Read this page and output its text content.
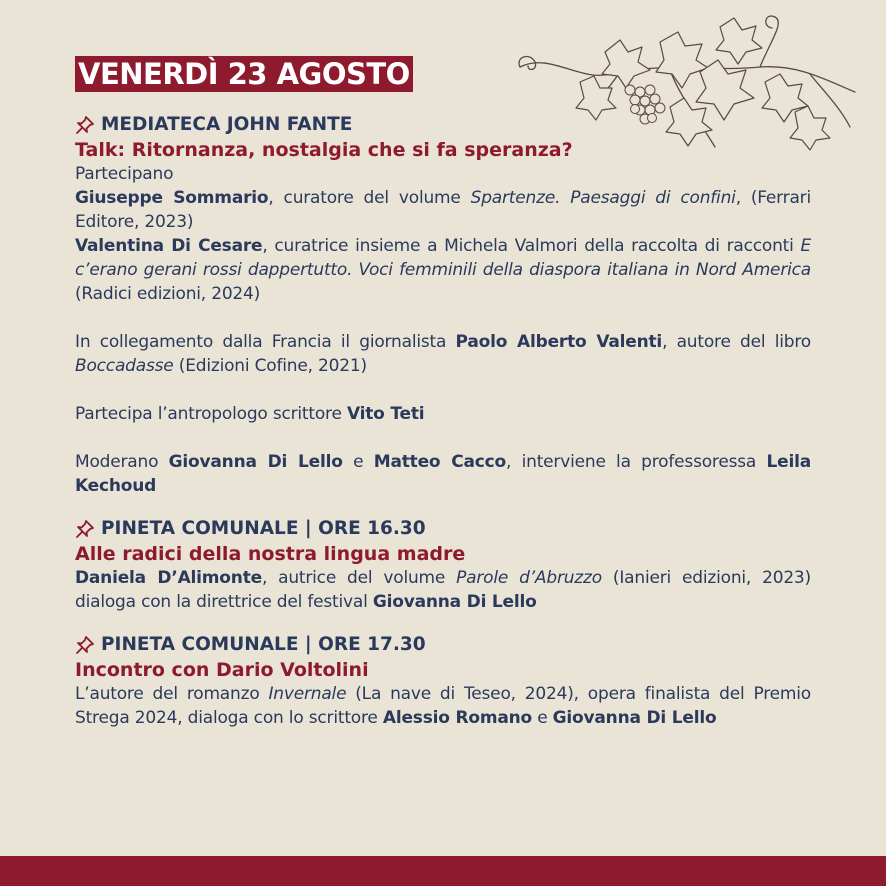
VENERDÌ 23 AGOSTO
MEDIATECA JOHN FANTE
Talk: Ritornanza, nostalgia che si fa speranza?

Partecipano

Giuseppe Sommario, curatore del volume Spartenze. Paesaggi di confini, (Ferrari Editore, 2023)

Valentina Di Cesare, curatrice insieme a Michela Valmori della raccolta di racconti E c’erano gerani rossi dappertutto. Voci femminili della diaspora italiana in Nord America (Radici edizioni, 2024)

In collegamento dalla Francia il giornalista Paolo Alberto Valenti, autore del libro Boccadasse (Edizioni Cofine, 2021)

Partecipa l’antropologo scrittore Vito Teti

Moderano Giovanna Di Lello e Matteo Cacco, interviene la professoressa Leila Kechoud

PINETA COMUNALE | ORE 16.30
Alle radici della nostra lingua madre

Daniela D’Alimonte, autrice del volume Parole d’Abruzzo (Ianieri edizioni, 2023) dialoga con la direttrice del festival Giovanna Di Lello

PINETA COMUNALE | ORE 17.30
Incontro con Dario Voltolini

L’autore del romanzo Invernale (La nave di Teseo, 2024), opera finalista del Premio Strega 2024, dialoga con lo scrittore Alessio Romano e Giovanna Di Lello
